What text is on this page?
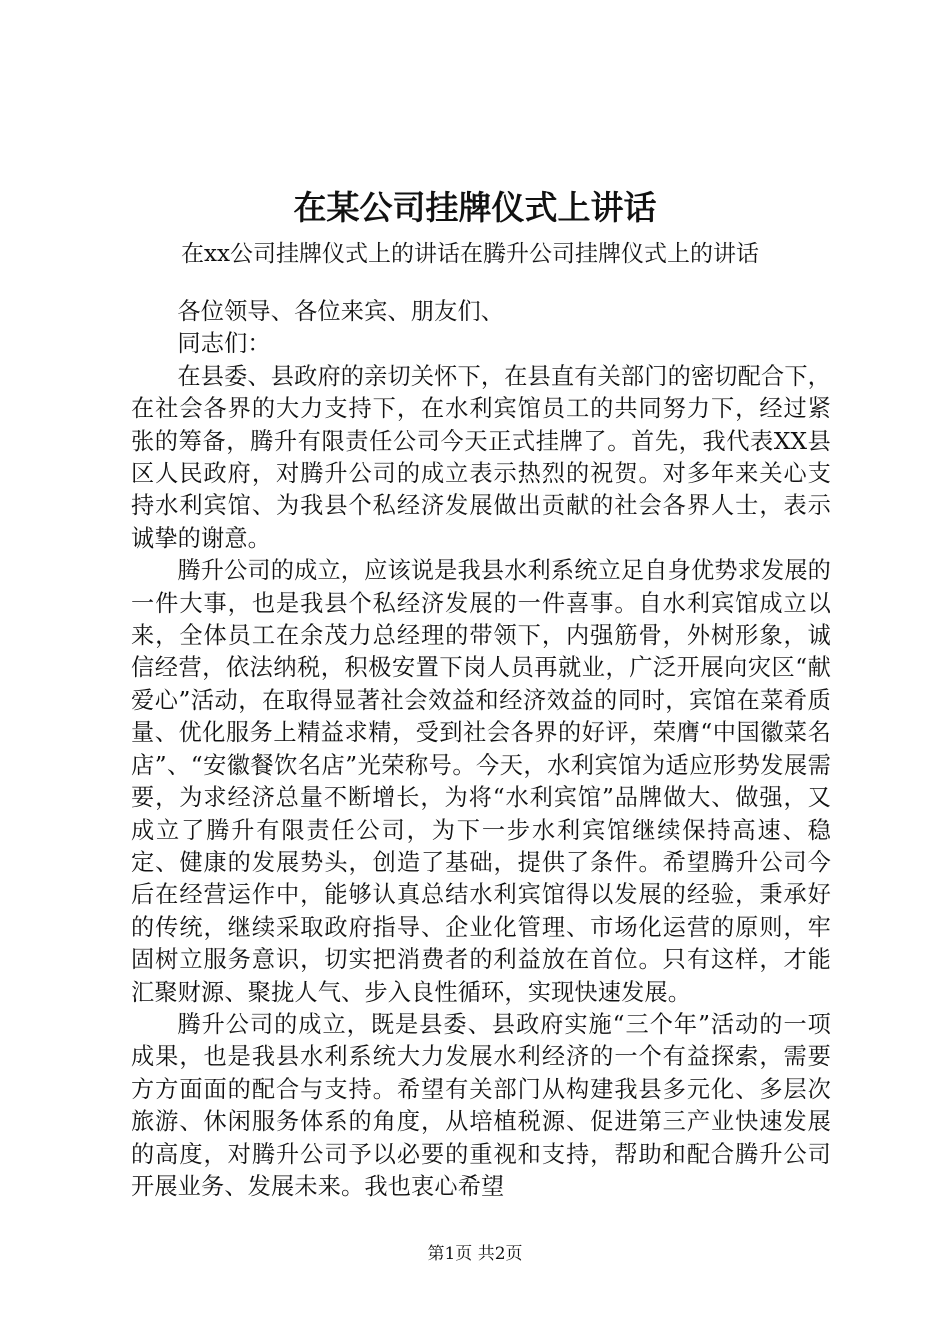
在某公司挂牌仪式上讲话

在xx公司挂牌仪式上的讲话在腾升公司挂牌仪式上的讲话

各位领导、各位来宾、朋友们、

同志们：

在县委、县政府的亲切关怀下，在县直有关部门的密切配合下，在社会各界的大力支持下，在水利宾馆员工的共同努力下，经过紧张的筹备，腾升有限责任公司今天正式挂牌了。首先，我代表XX县区人民政府，对腾升公司的成立表示热烈的祝贺。对多年来关心支持水利宾馆、为我县个私经济发展做出贡献的社会各界人士，表示诚挚的谢意。

腾升公司的成立，应该说是我县水利系统立足自身优势求发展的一件大事，也是我县个私经济发展的一件喜事。自水利宾馆成立以来，全体员工在余茂力总经理的带领下，内强筋骨，外树形象，诚信经营，依法纳税，积极安置下岗人员再就业，广泛开展向灾区“献爱心”活动，在取得显著社会效益和经济效益的同时，宾馆在菜肴质量、优化服务上精益求精，受到社会各界的好评，荣膺“中国徽菜名店”、“安徽餐饮名店”光荣称号。今天，水利宾馆为适应形势发展需要，为求经济总量不断增长，为将“水利宾馆”品牌做大、做强，又成立了腾升有限责任公司，为下一步水利宾馆继续保持高速、稳定、健康的发展势头，创造了基础，提供了条件。希望腾升公司今后在经营运作中，能够认真总结水利宾馆得以发展的经验，秉承好的传统，继续采取政府指导、企业化管理、市场化运营的原则，牢固树立服务意识，切实把消费者的利益放在首位。只有这样，才能汇聚财源、聚拢人气、步入良性循环，实现快速发展。

腾升公司的成立，既是县委、县政府实施“三个年”活动的一项成果，也是我县水利系统大力发展水利经济的一个有益探索，需要方方面面的配合与支持。希望有关部门从构建我县多元化、多层次旅游、休闲服务体系的角度，从培植税源、促进第三产业快速发展的高度，对腾升公司予以必要的重视和支持，帮助和配合腾升公司开展业务、发展未来。我也衷心希望

第1页 共2页
